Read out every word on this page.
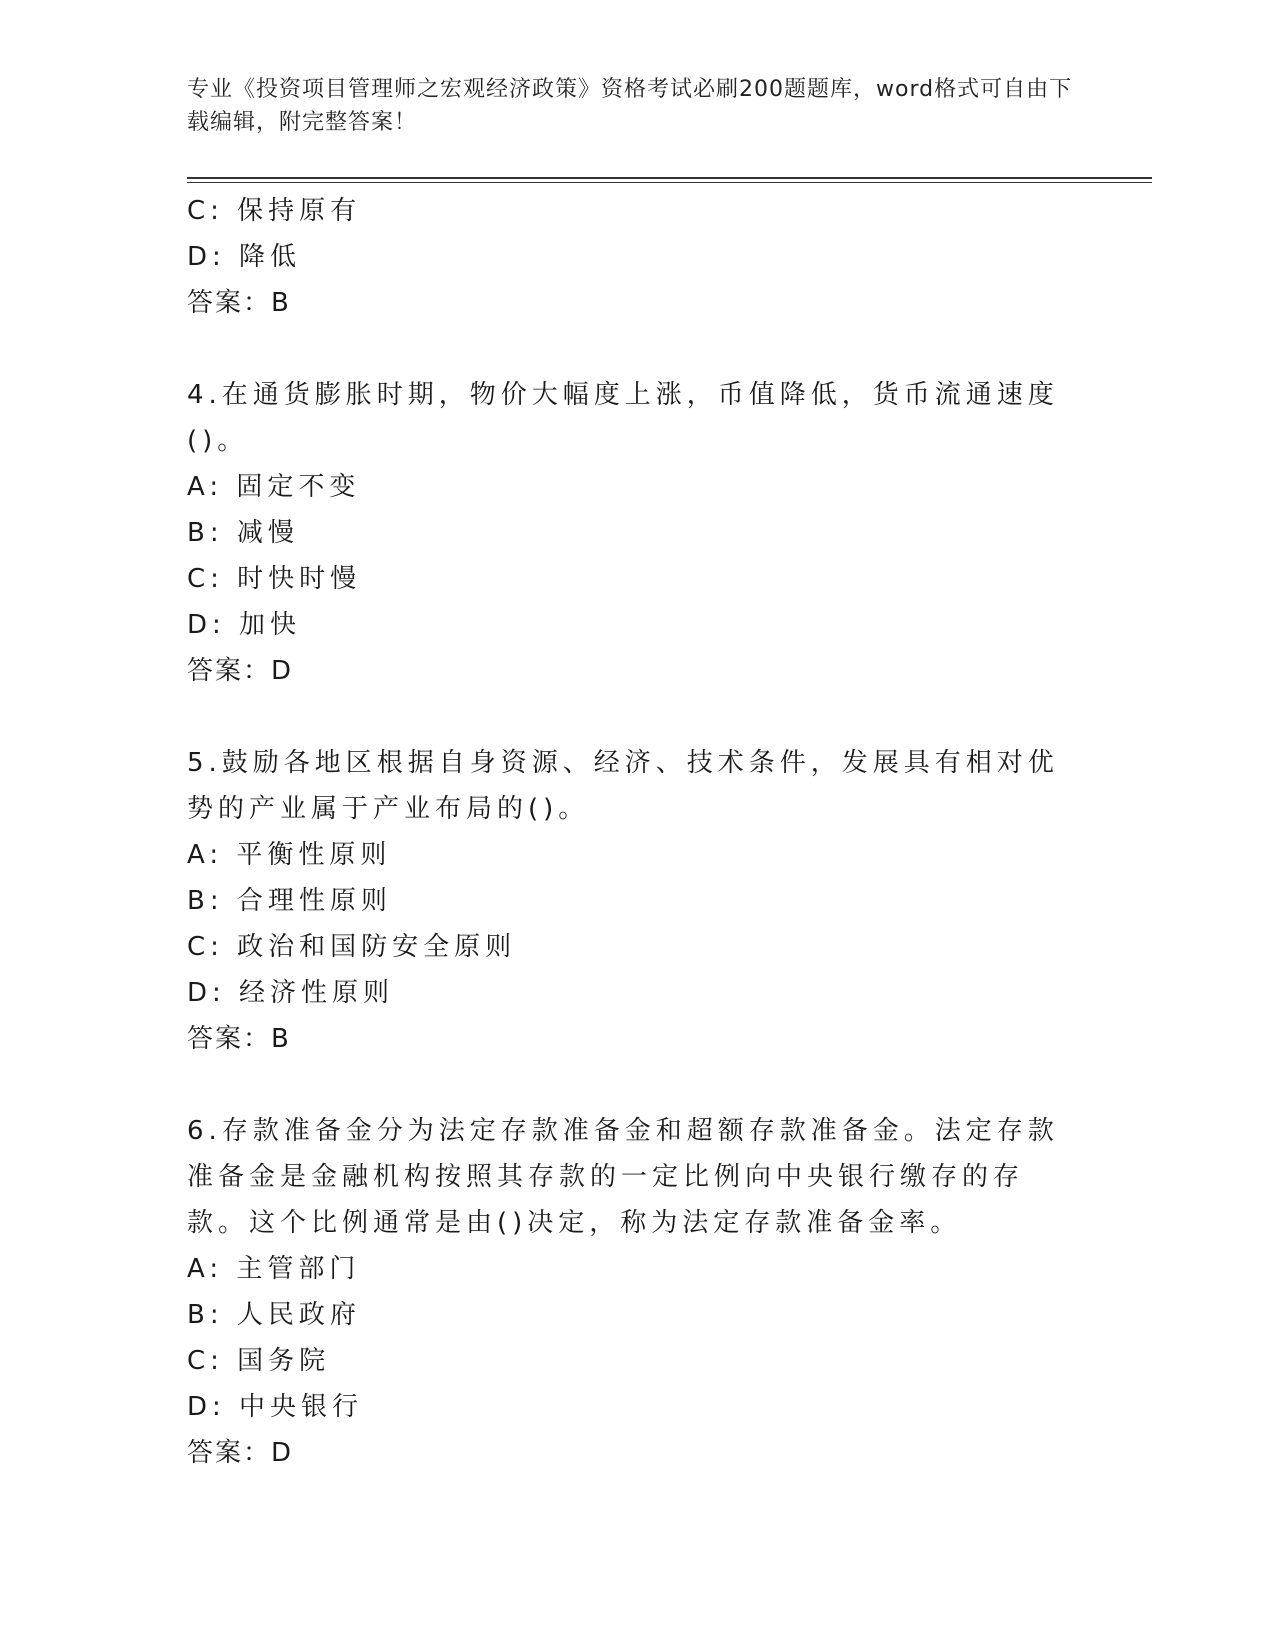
专业《投资项目管理师之宏观经济政策》资格考试必刷200题题库，word格式可自由下载编辑，附完整答案！
C: 保持原有
D: 降低
答案：B
4.在通货膨胀时期，物价大幅度上涨，币值降低，货币流通速度()。
A: 固定不变
B: 减慢
C: 时快时慢
D: 加快
答案：D
5.鼓励各地区根据自身资源、经济、技术条件，发展具有相对优势的产业属于产业布局的()。
A: 平衡性原则
B: 合理性原则
C: 政治和国防安全原则
D: 经济性原则
答案：B
6.存款准备金分为法定存款准备金和超额存款准备金。法定存款准备金是金融机构按照其存款的一定比例向中央银行缴存的存款。这个比例通常是由()决定，称为法定存款准备金率。
A: 主管部门
B: 人民政府
C: 国务院
D: 中央银行
答案：D
